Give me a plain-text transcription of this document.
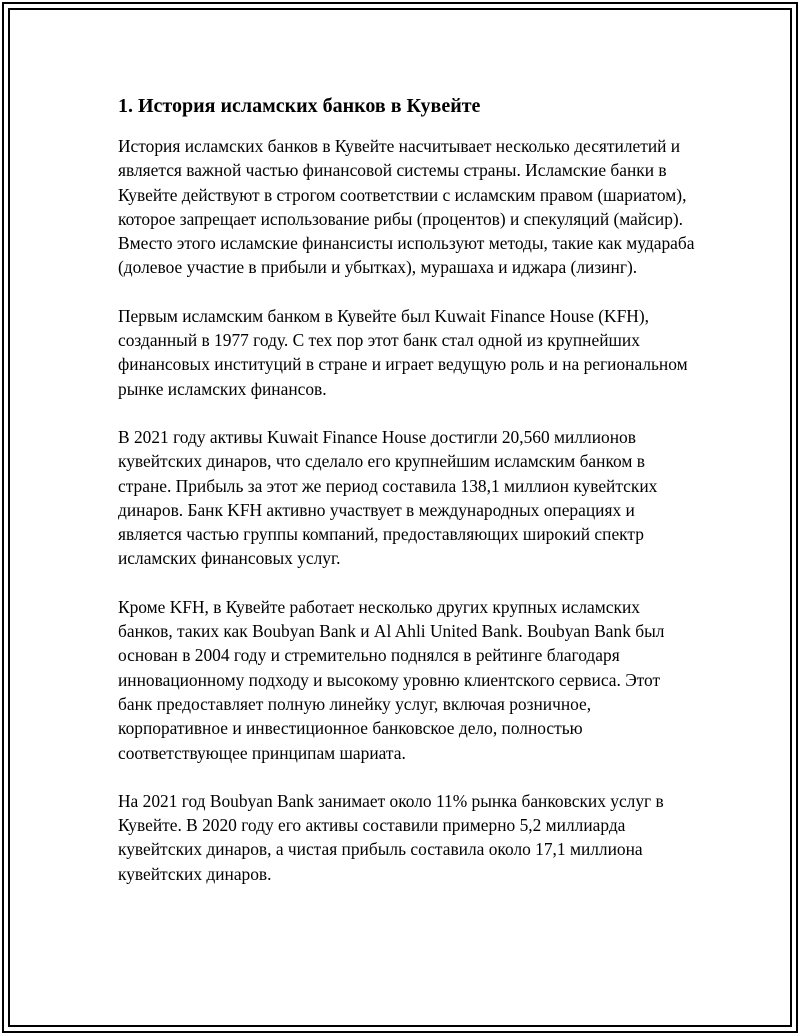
1. История исламских банков в Кувейте

История исламских банков в Кувейте насчитывает несколько десятилетий и является важной частью финансовой системы страны. Исламские банки в Кувейте действуют в строгом соответствии с исламским правом (шариатом), которое запрещает использование рибы (процентов) и спекуляций (майсир). Вместо этого исламские финансисты используют методы, такие как мудараба (долевое участие в прибыли и убытках), мурашаха и иджара (лизинг).

Первым исламским банком в Кувейте был Kuwait Finance House (KFH), созданный в 1977 году. С тех пор этот банк стал одной из крупнейших финансовых институций в стране и играет ведущую роль и на региональном рынке исламских финансов.

В 2021 году активы Kuwait Finance House достигли 20,560 миллионов кувейтских динаров, что сделало его крупнейшим исламским банком в стране. Прибыль за этот же период составила 138,1 миллион кувейтских динаров. Банк KFH активно участвует в международных операциях и является частью группы компаний, предоставляющих широкий спектр исламских финансовых услуг.

Кроме KFH, в Кувейте работает несколько других крупных исламских банков, таких как Boubyan Bank и Al Ahli United Bank. Boubyan Bank был основан в 2004 году и стремительно поднялся в рейтинге благодаря инновационному подходу и высокому уровню клиентского сервиса. Этот банк предоставляет полную линейку услуг, включая розничное, корпоративное и инвестиционное банковское дело, полностью соответствующее принципам шариата.

На 2021 год Boubyan Bank занимает около 11% рынка банковских услуг в Кувейте. В 2020 году его активы составили примерно 5,2 миллиарда кувейтских динаров, а чистая прибыль составила около 17,1 миллиона кувейтских динаров.
